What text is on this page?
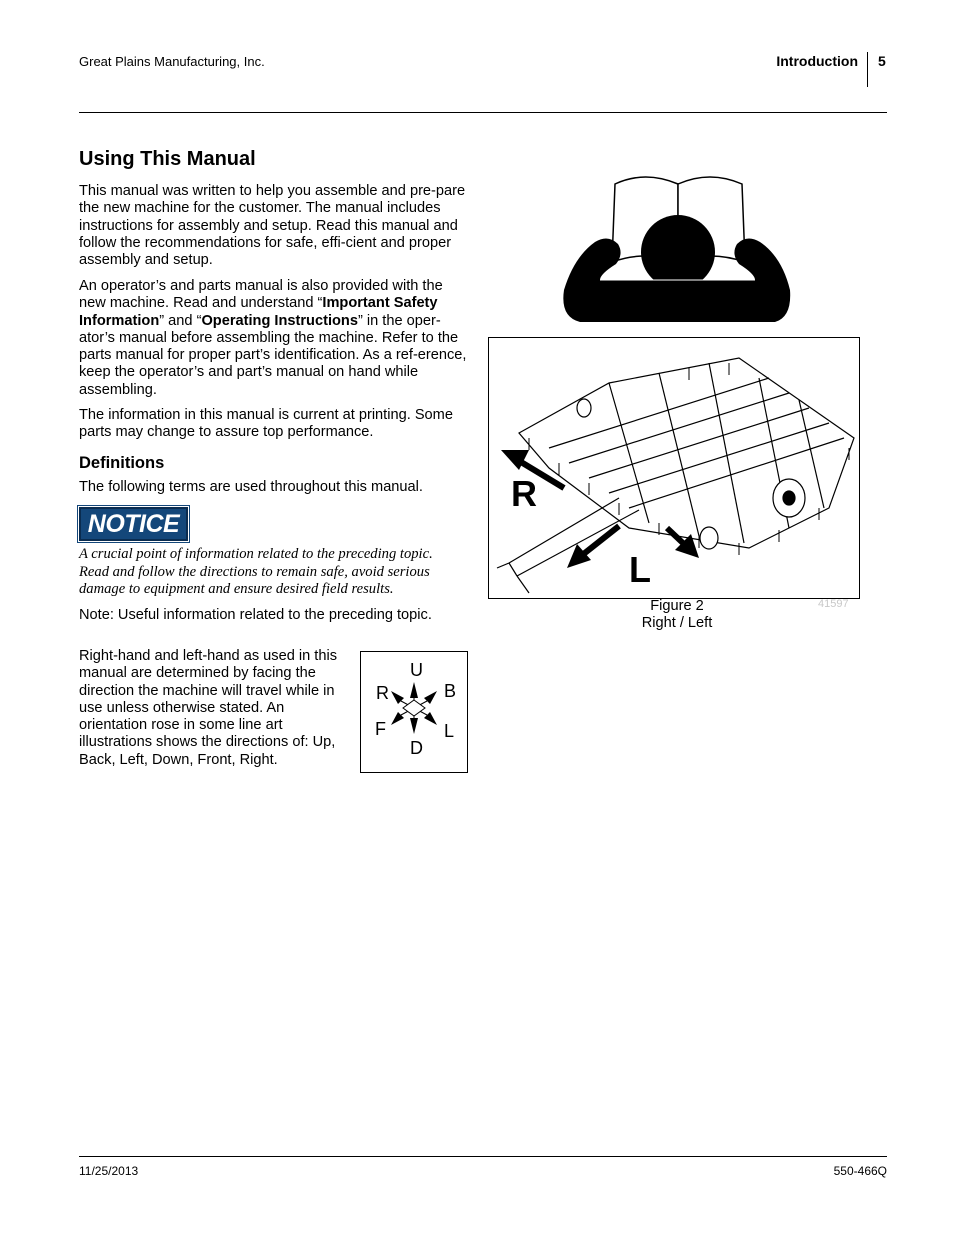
Great Plains Manufacturing, Inc.	Introduction 5
Using This Manual

This manual was written to help you assemble and pre-pare the new machine for the customer. The manual includes instructions for assembly and setup. Read this manual and follow the recommendations for safe, effi-cient and proper assembly and setup.

An operator’s and parts manual is also provided with the new machine. Read and understand “Important Safety Information” and “Operating Instructions” in the oper-ator’s manual before assembling the machine. Refer to the parts manual for proper part’s identification. As a ref-erence, keep the operator’s and part’s manual on hand while assembling.

The information in this manual is current at printing. Some parts may change to assure top performance.

Definitions
The following terms are used throughout this manual.
NOTICE
A crucial point of information related to the preceding topic. Read and follow the directions to remain safe, avoid serious damage to equipment and ensure desired field results.
Note: Useful information related to the preceding topic.
Right-hand and left-hand as used in this manual are determined by facing the direction the machine will travel while in use unless otherwise stated. An orientation rose in some line art illustrations shows the directions of: Up, Back, Left, Down, Front, Right.
U
B
R
F	L
D
R
L
Figure 2
Right / Left
41597
11/25/2013	550-466Q
